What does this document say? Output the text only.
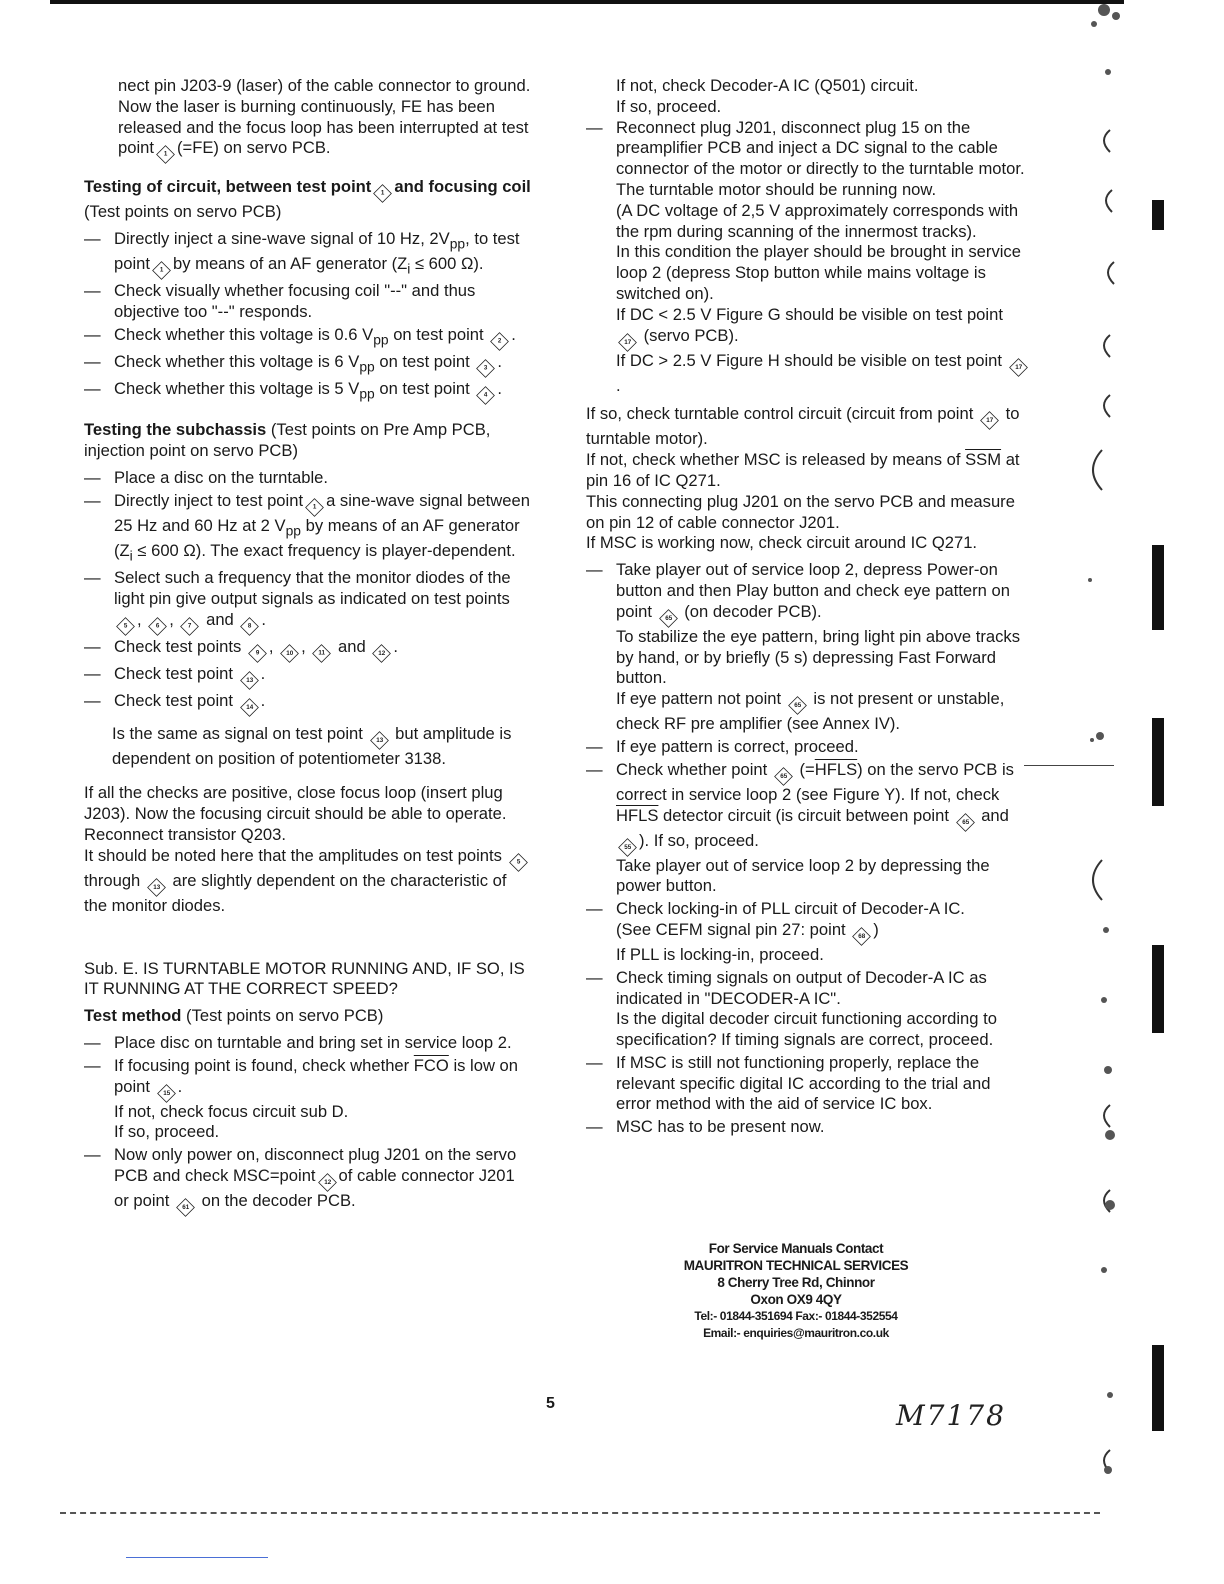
nect pin J203-9 (laser) of the cable connector to ground.

Now the laser is burning continuously, FE has been released and the focus loop has been interrupted at test point 1 (=FE) on servo PCB.

Testing of circuit, between test point 1 and focusing coil

(Test points on servo PCB)

— Directly inject a sine-wave signal of 10 Hz, $2V_{pp}$, to test point 1 by means of an AF generator ($Z_i \le 600$ Ω).
— Check visually whether focusing coil "--" and thus objective too "--" responds.
— Check whether this voltage is 0.6 $V_{pp}$ on test point 2 .
— Check whether this voltage is 6 $V_{pp}$ on test point 3 .
— Check whether this voltage is 5 $V_{pp}$ on test point 4 .

Testing the subchassis (Test points on Pre Amp PCB, injection point on servo PCB)

— Place a disc on the turntable.
— Directly inject to test point 1 a sine-wave signal between 25 Hz and 60 Hz at 2 $V_{pp}$ by means of an AF generator ($Z_i \le 600$ Ω). The exact frequency is player-dependent.
— Select such a frequency that the monitor diodes of the light pin give output signals as indicated on test points 5 , 6 , 7 and 8 .
— Check test points 9 , 10 , 11 and 12 .
— Check test point 13 .
— Check test point 14 .

Is the same as signal on test point 13 but amplitude is dependent on position of potentiometer 3138.

If all the checks are positive, close focus loop (insert plug J203). Now the focusing circuit should be able to operate. Reconnect transistor Q203.

It should be noted here that the amplitudes on test points 5 through 13 are slightly dependent on the characteristic of the monitor diodes.

Sub. E. IS TURNTABLE MOTOR RUNNING AND, IF SO, IS IT RUNNING AT THE CORRECT SPEED?

Test method (Test points on servo PCB)

— Place disc on turntable and bring set in service loop 2.
— If focusing point is found, check whether $\overline{FCO}$ is low on point 15 .
If not, check focus circuit sub D.
If so, proceed.
— Now only power on, disconnect plug J201 on the servo PCB and check MSC=point 12 of cable connector J201 or point 61 on the decoder PCB.

If not, check Decoder-A IC (Q501) circuit.

If so, proceed.

— Reconnect plug J201, disconnect plug 15 on the preamplifier PCB and inject a DC signal to the cable connector of the motor or directly to the turntable motor.

The turntable motor should be running now.

(A DC voltage of 2,5 V approximately corresponds with the rpm during scanning of the innermost tracks).

In this condition the player should be brought in service loop 2 (depress Stop button while mains voltage is switched on).

If DC < 2.5 V Figure G should be visible on test point 17 (servo PCB).

If DC > 2.5 V Figure H should be visible on test point 17.

If so, check turntable control circuit (circuit from point 17 to turntable motor).

If not, check whether MSC is released by means of $\overline{SSM}$ at pin 16 of IC Q271.

This connecting plug J201 on the servo PCB and measure on pin 12 of cable connector J201.

If MSC is working now, check circuit around IC Q271.

— Take player out of service loop 2, depress Power-on button and then Play button and check eye pattern on point 65 (on decoder PCB).

To stabilize the eye pattern, bring light pin above tracks by hand, or by briefly (5 s) depressing Fast Forward button.

If eye pattern not point 65 is not present or unstable, check RF pre amplifier (see Annex IV).

— If eye pattern is correct, proceed.

— Check whether point 65 (=HFLS) on the servo PCB is correct in service loop 2 (see Figure Y). If not, check HFLS detector circuit (is circuit between point 65 and 55 ). If so, proceed.

Take player out of service loop 2 by depressing the power button.

— Check locking-in of PLL circuit of Decoder-A IC.

(See CEFM signal pin 27: point 68 )

If PLL is locking-in, proceed.

— Check timing signals on output of Decoder-A IC as indicated in "DECODER-A IC".

Is the digital decoder circuit functioning according to specification? If timing signals are correct, proceed.

— If MSC is still not functioning properly, replace the relevant specific digital IC according to the trial and error method with the aid of service IC box.
— MSC has to be present now.

For Service Manuals Contact

MAURITRON TECHNICAL SERVICES

8 Cherry Tree Rd, Chinnor

Oxon OX9 4QY

Tel:- 01844-351694 Fax:- 01844-352554

Email:- enquiries@mauritron.co.uk

5	M7178
